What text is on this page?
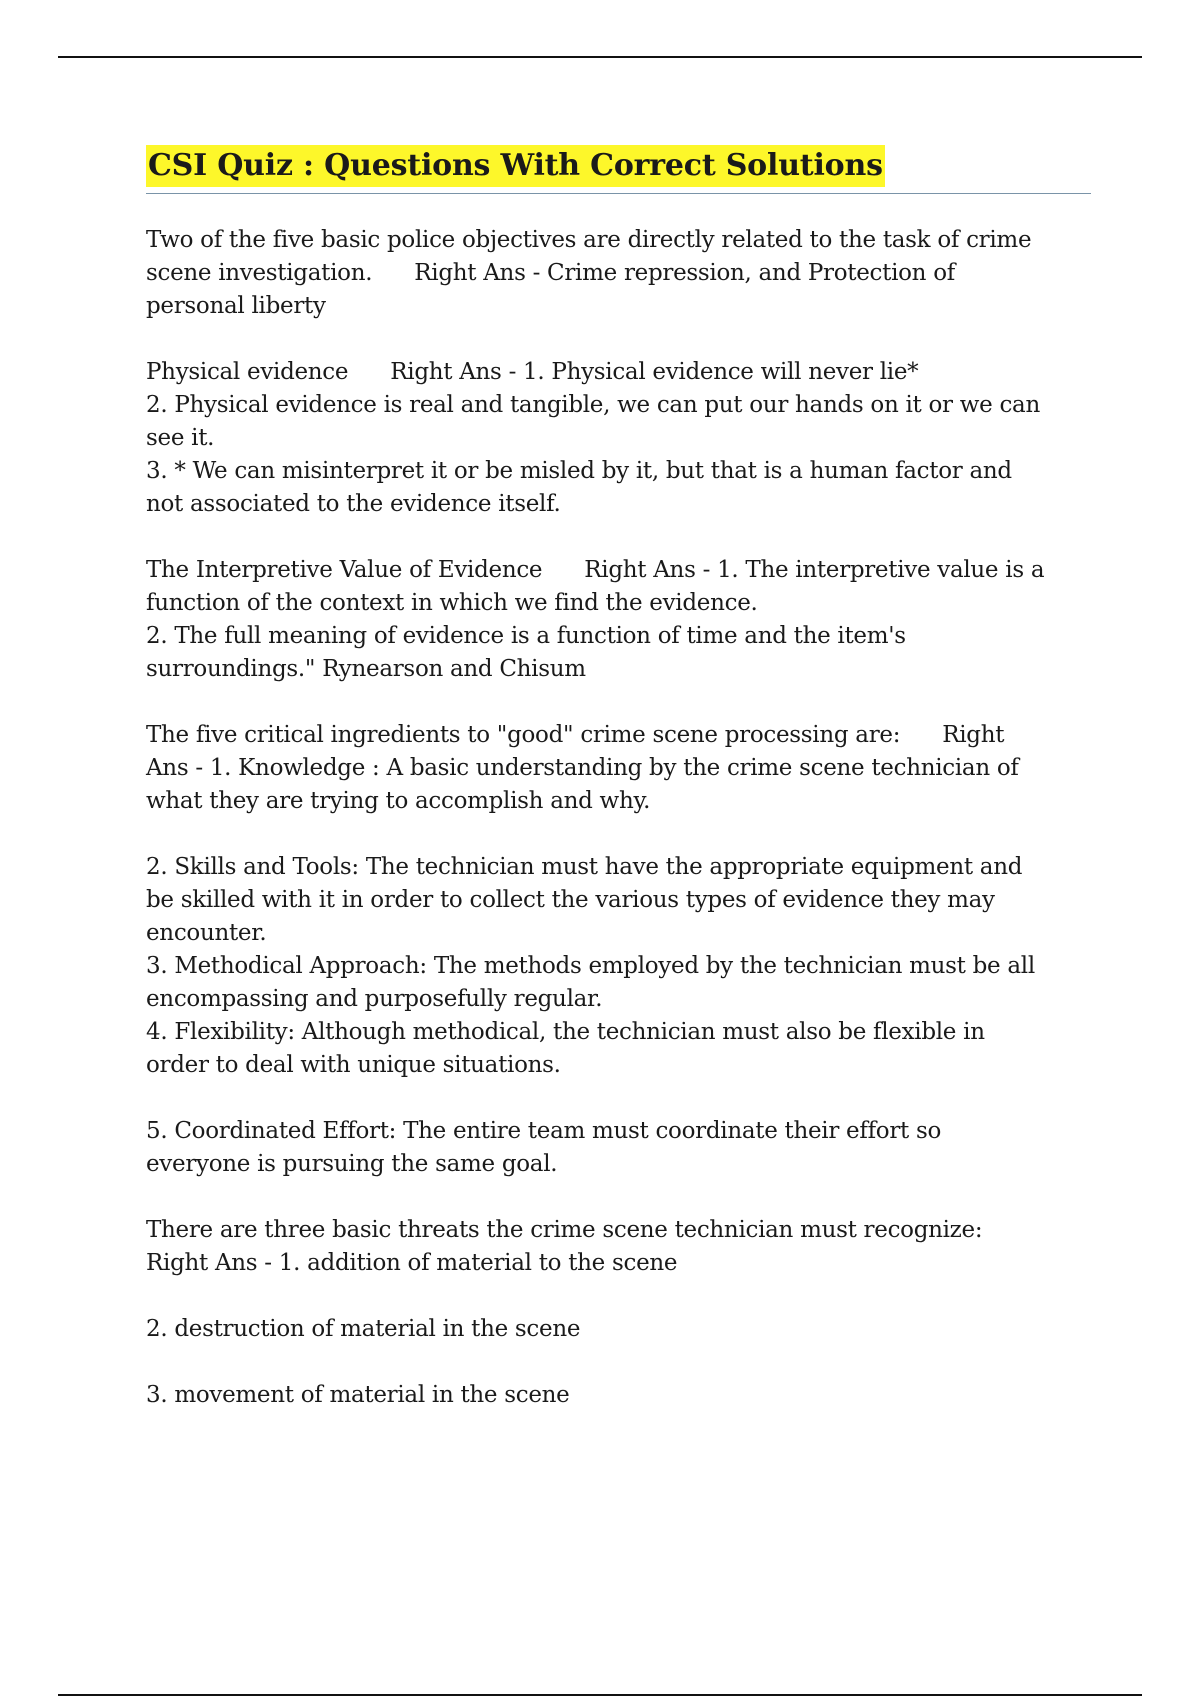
CSI Quiz : Questions With Correct Solutions
Two of the five basic police objectives are directly related to the task of crime
scene investigation.      Right Ans - Crime repression, and Protection of
personal liberty
Physical evidence      Right Ans - 1. Physical evidence will never lie*
2. Physical evidence is real and tangible, we can put our hands on it or we can
see it.
3. * We can misinterpret it or be misled by it, but that is a human factor and
not associated to the evidence itself.
The Interpretive Value of Evidence      Right Ans - 1. The interpretive value is a
function of the context in which we find the evidence.
2. The full meaning of evidence is a function of time and the item's
surroundings." Rynearson and Chisum
The five critical ingredients to "good" crime scene processing are:      Right
Ans - 1. Knowledge : A basic understanding by the crime scene technician of
what they are trying to accomplish and why.
2. Skills and Tools: The technician must have the appropriate equipment and
be skilled with it in order to collect the various types of evidence they may
encounter.
3. Methodical Approach: The methods employed by the technician must be all
encompassing and purposefully regular.
4. Flexibility: Although methodical, the technician must also be flexible in
order to deal with unique situations.
5. Coordinated Effort: The entire team must coordinate their effort so
everyone is pursuing the same goal.
There are three basic threats the crime scene technician must recognize:
Right Ans - 1. addition of material to the scene
2. destruction of material in the scene
3. movement of material in the scene
